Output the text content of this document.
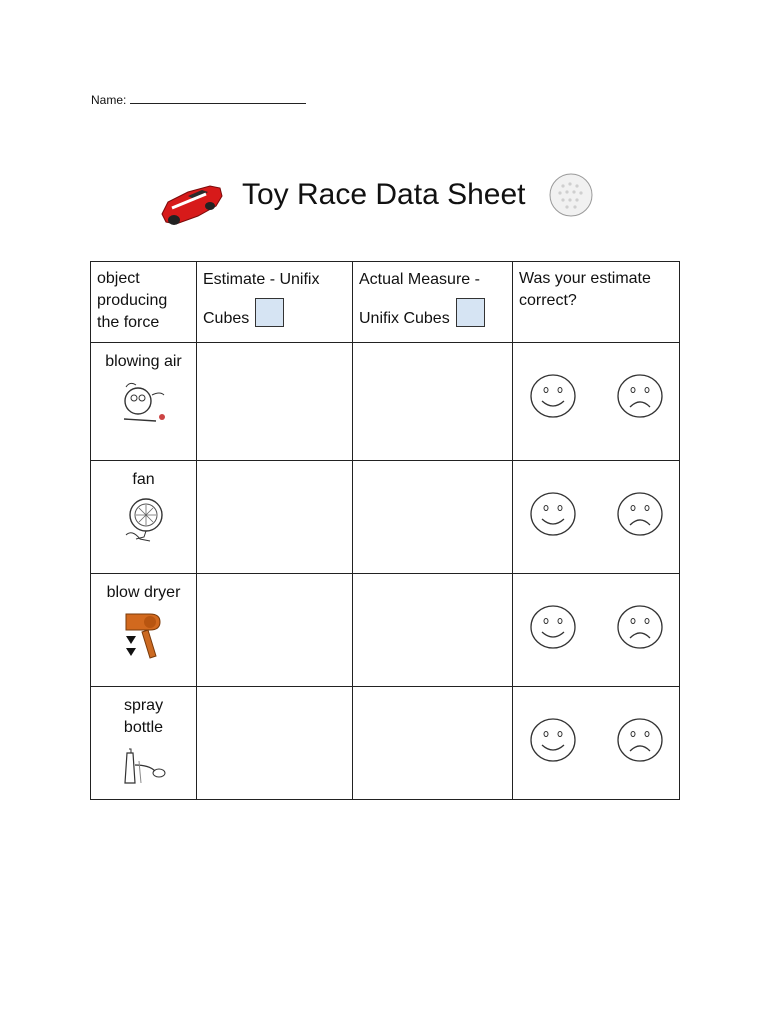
Name:
Toy Race Data Sheet
object producing the force	Estimate - Unifix Cubes	Actual Measure - Unifix Cubes	Was your estimate correct?

blowing air

fan

blow dryer

spray bottle
